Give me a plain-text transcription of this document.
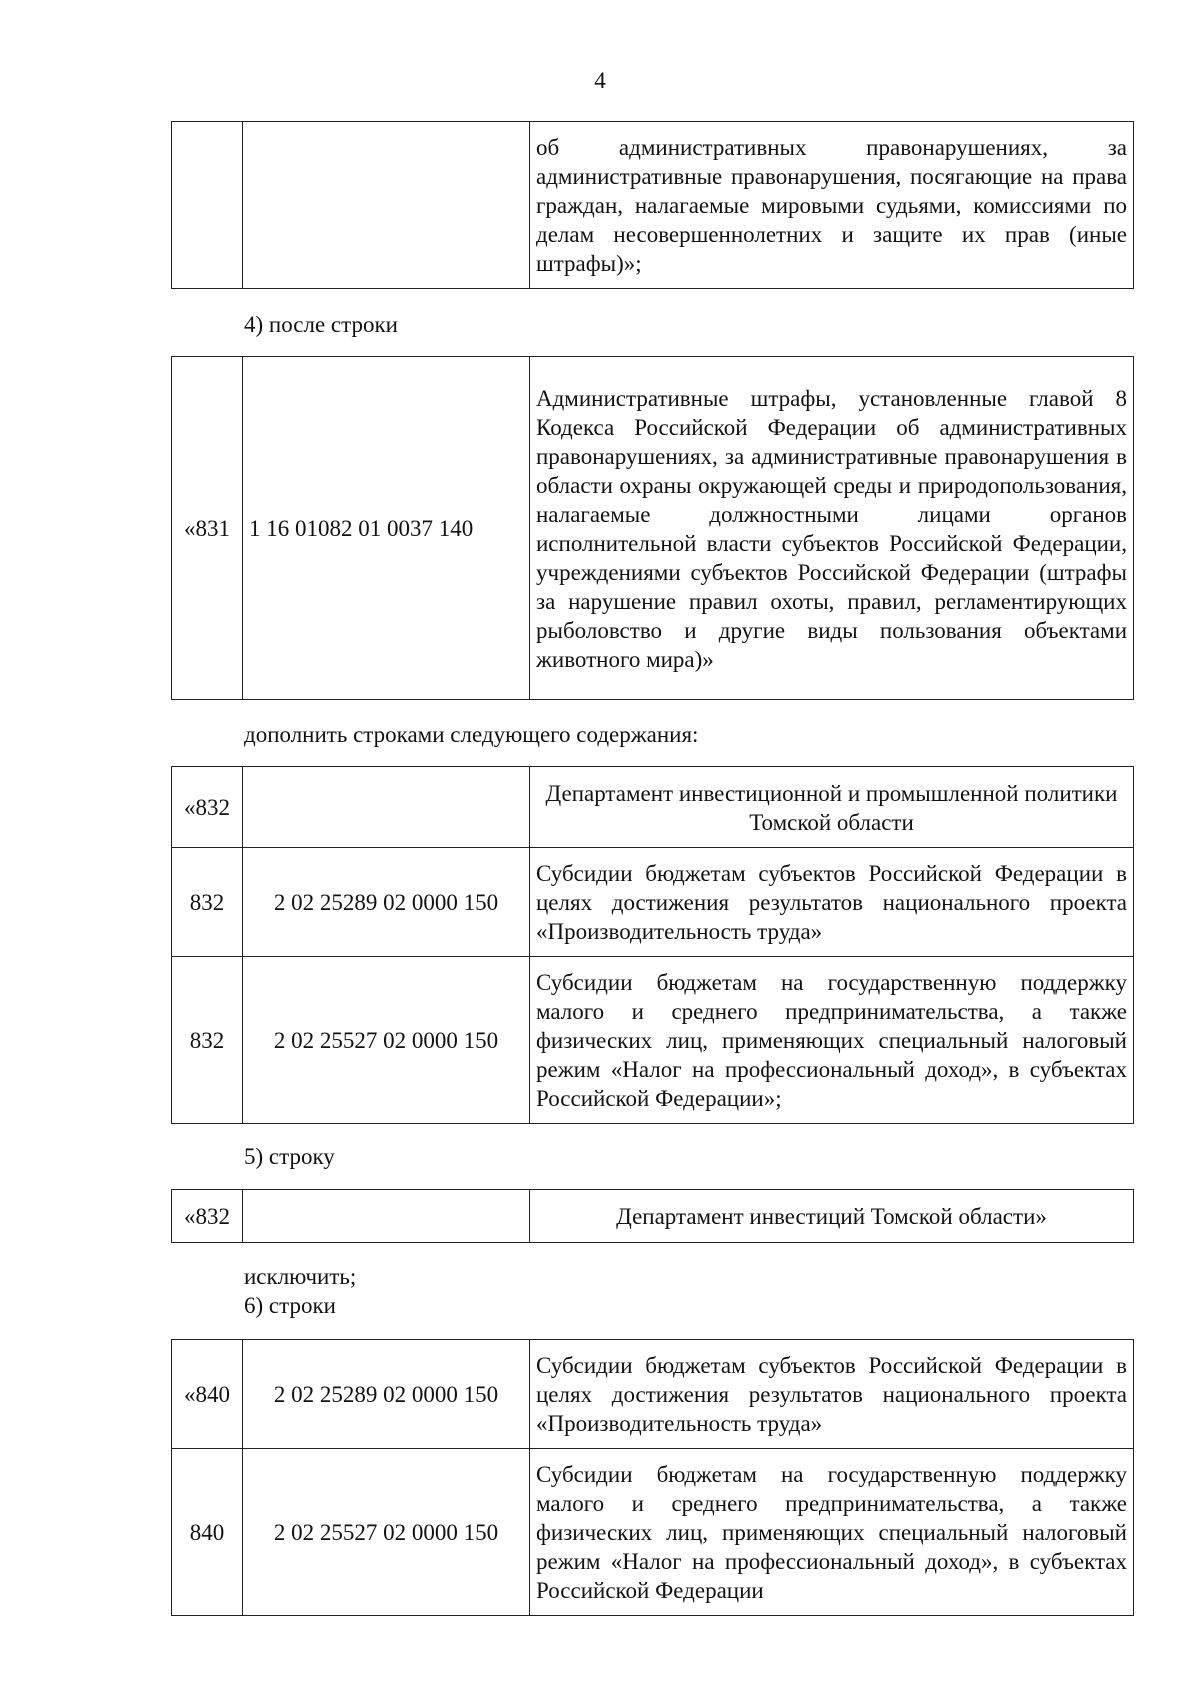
4
		об административных правонарушениях, за административные правонарушения, посягающие на права граждан, налагаемые мировыми судьями, комиссиями по делам несовершеннолетних и защите их прав (иные штрафы)»;
4) после строки
«831	1 16 01082 01 0037 140	Административные штрафы, установленные главой 8 Кодекса Российской Федерации об административных правонарушениях, за административные правонарушения в области охраны окружающей среды и природопользования, налагаемые должностными лицами органов исполнительной власти субъектов Российской Федерации, учреждениями субъектов Российской Федерации (штрафы за нарушение правил охоты, правил, регламентирующих рыболовство и другие виды пользования объектами животного мира)»
дополнить строками следующего содержания:
«832		Департамент инвестиционной и промышленной политики Томской области
832	2 02 25289 02 0000 150	Субсидии бюджетам субъектов Российской Федерации в целях достижения результатов национального проекта «Производительность труда»
832	2 02 25527 02 0000 150	Субсидии бюджетам на государственную поддержку малого и среднего предпринимательства, а также физических лиц, применяющих специальный налоговый режим «Налог на профессиональный доход», в субъектах Российской Федерации»;
5) строку
«832		Департамент инвестиций Томской области»
исключить;
6) строки
«840	2 02 25289 02 0000 150	Субсидии бюджетам субъектов Российской Федерации в целях достижения результатов национального проекта «Производительность труда»
840	2 02 25527 02 0000 150	Субсидии бюджетам на государственную поддержку малого и среднего предпринимательства, а также физических лиц, применяющих специальный налоговый режим «Налог на профессиональный доход», в субъектах Российской Федерации
